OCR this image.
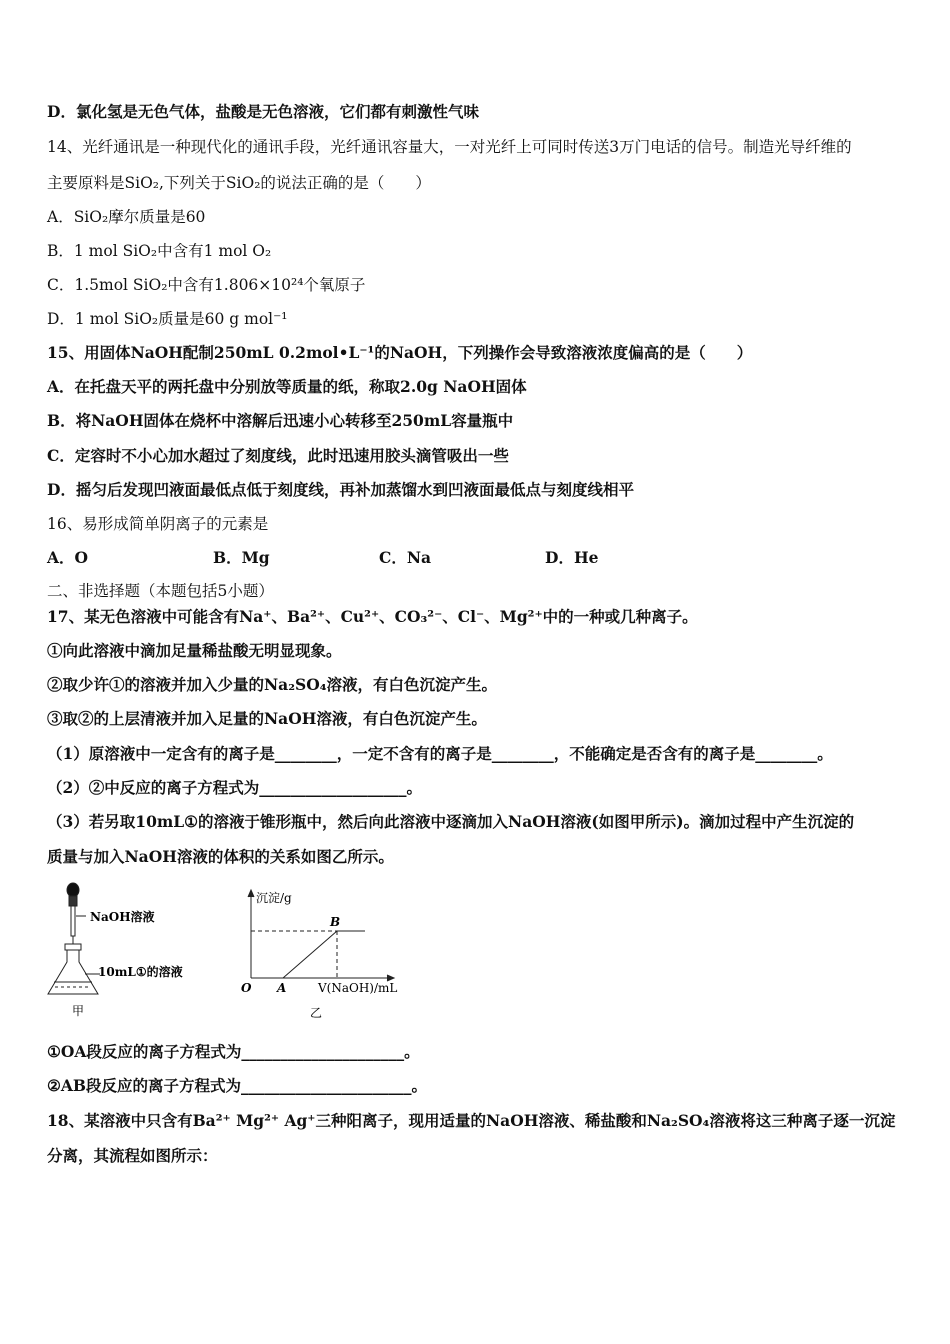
D．氯化氢是无色气体，盐酸是无色溶液，它们都有刺激性气味
14、光纤通讯是一种现代化的通讯手段，光纤通讯容量大，一对光纤上可同时传送3万门电话的信号。制造光导纤维的
主要原料是SiO₂,下列关于SiO₂的说法正确的是（　　）
A．SiO₂摩尔质量是60
B．1 mol SiO₂中含有1 mol O₂
C．1.5mol SiO₂中含有1.806×10²⁴个氧原子
D．1 mol SiO₂质量是60 g mol⁻¹
15、用固体NaOH配制250mL 0.2mol•L⁻¹的NaOH，下列操作会导致溶液浓度偏高的是（　　）
A．在托盘天平的两托盘中分别放等质量的纸，称取2.0g NaOH固体
B．将NaOH固体在烧杯中溶解后迅速小心转移至250mL容量瓶中
C．定容时不小心加水超过了刻度线，此时迅速用胶头滴管吸出一些
D．摇匀后发现凹液面最低点低于刻度线，再补加蒸馏水到凹液面最低点与刻度线相平
16、易形成简单阴离子的元素是
A．O	B．Mg	C．Na	D．He
二、非选择题（本题包括5小题）
17、某无色溶液中可能含有Na⁺、Ba²⁺、Cu²⁺、CO₃²⁻、Cl⁻、Mg²⁺中的一种或几种离子。
①向此溶液中滴加足量稀盐酸无明显现象。
②取少许①的溶液并加入少量的Na₂SO₄溶液，有白色沉淀产生。
③取②的上层清液并加入足量的NaOH溶液，有白色沉淀产生。
（1）原溶液中一定含有的离子是________，一定不含有的离子是________，不能确定是否含有的离子是________。
（2）②中反应的离子方程式为___________________。
（3）若另取10mL①的溶液于锥形瓶中，然后向此溶液中逐滴加入NaOH溶液(如图甲所示)。滴加过程中产生沉淀的
质量与加入NaOH溶液的体积的关系如图乙所示。
NaOH溶液
10mL①的溶液
甲
沉淀/g
O A
B
V(NaOH)/mL
乙
①OA段反应的离子方程式为_____________________。
②AB段反应的离子方程式为______________________。
18、某溶液中只含有Ba²⁺ Mg²⁺ Ag⁺三种阳离子，现用适量的NaOH溶液、稀盐酸和Na₂SO₄溶液将这三种离子逐一沉淀
分离，其流程如图所示：
